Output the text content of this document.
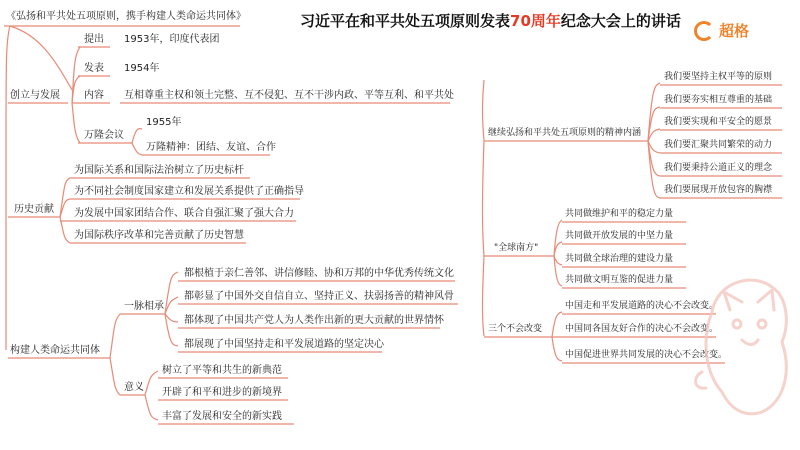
习近平在和平共处五项原则发表70周年纪念大会上的讲话
超格
《弘扬和平共处五项原则，携手构建人类命运共同体》
创立与发展
提出 1953年，印度代表团
发表 1954年
内容 互相尊重主权和领土完整、互不侵犯、互不干涉内政、平等互利、和平共处
万隆会议
1955年
万隆精神：团结、友谊、合作
历史贡献
为国际关系和国际法治树立了历史标杆
为不同社会制度国家建立和发展关系提供了正确指导
为发展中国家团结合作、联合自强汇聚了强大合力
为国际秩序改革和完善贡献了历史智慧
构建人类命运共同体
一脉相承
都根植于亲仁善邻、讲信修睦、协和万邦的中华优秀传统文化
都彰显了中国外交自信自立、坚持正义、扶弱扬善的精神风骨
都体现了中国共产党人为人类作出新的更大贡献的世界情怀
都展现了中国坚持走和平发展道路的坚定决心
意义
树立了平等和共生的新典范
开辟了和平和进步的新境界
丰富了发展和安全的新实践
继续弘扬和平共处五项原则的精神内涵
我们要坚持主权平等的原则
我们要夯实相互尊重的基础
我们要实现和平安全的愿景
我们要汇聚共同繁荣的动力
我们要秉持公道正义的理念
我们要展现开放包容的胸襟
"全球南方"
共同做维护和平的稳定力量
共同做开放发展的中坚力量
共同做全球治理的建设力量
共同做文明互鉴的促进力量
三个不会改变
中国走和平发展道路的决心不会改变。
中国同各国友好合作的决心不会改变。
中国促进世界共同发展的决心不会改变。
